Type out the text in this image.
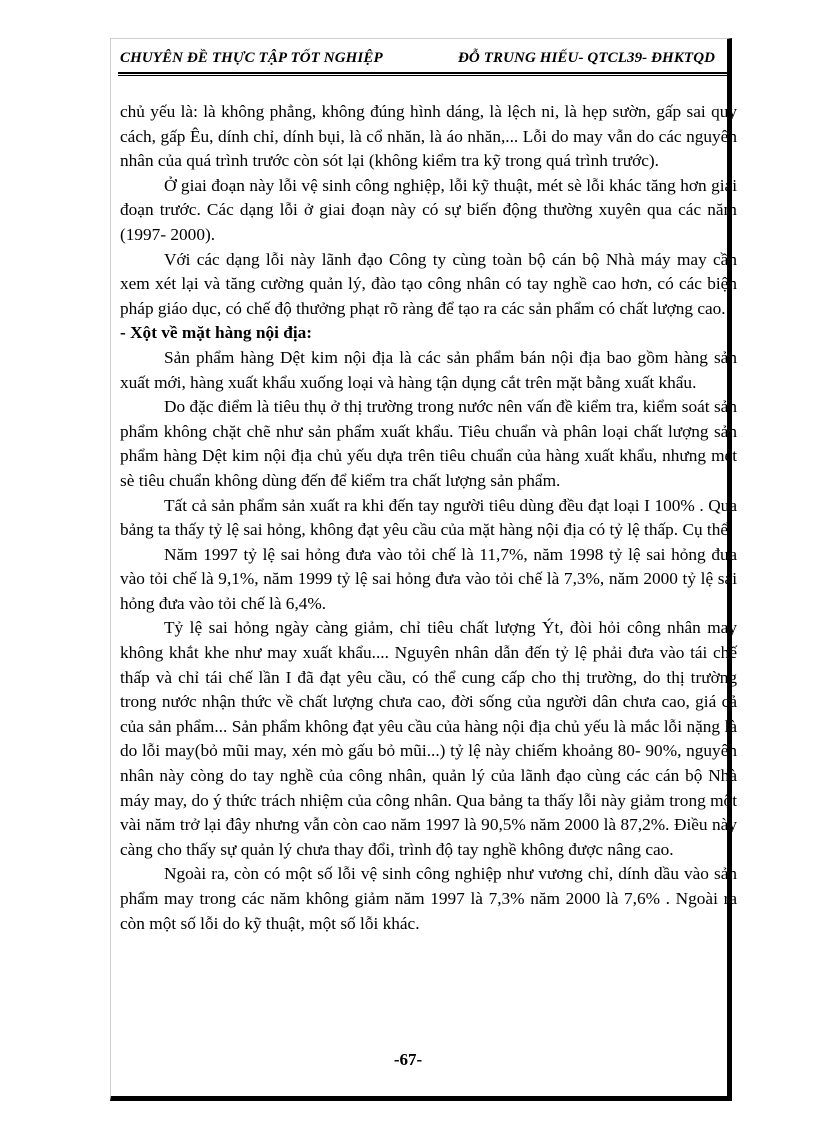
CHUYÊN ĐỀ THỰC TẬP TỐT NGHIỆP	ĐỖ TRUNG HIẾU- QTCL39- ĐHKTQD

chủ yếu là: là không phẳng, không đúng hình dáng, là lệch ni, là hẹp sườn, gấp sai quy cách, gấp Êu, dính chỉ, dính bụi, là cổ nhăn, là áo nhăn,... Lỗi do may vẫn do các nguyên nhân của quá trình trước còn sót lại (không kiểm tra kỹ trong quá trình trước).

Ở giai đoạn này lỗi vệ sinh công nghiệp, lỗi kỹ thuật, mét sè lỗi khác tăng hơn giai đoạn trước. Các dạng lỗi ở giai đoạn này có sự biến động thường xuyên qua các năm (1997- 2000).

Với các dạng lỗi này lãnh đạo Công ty cùng toàn bộ cán bộ Nhà máy may cần xem xét lại và tăng cường quản lý, đào tạo công nhân có tay nghề cao hơn, có các biện pháp giáo dục, có chế độ thưởng phạt rõ ràng để tạo ra các sản phẩm có chất lượng cao.

- Xột về mặt hàng nội địa:

Sản phẩm hàng Dệt kim nội địa là các sản phẩm bán nội địa bao gồm hàng sản xuất mới, hàng xuất khẩu xuống loại và hàng tận dụng cắt trên mặt bằng xuất khẩu.

Do đặc điểm là tiêu thụ ở thị trường trong nước nên vấn đề kiểm tra, kiểm soát sản phẩm không chặt chẽ như sản phẩm xuất khẩu. Tiêu chuẩn và phân loại chất lượng sản phẩm hàng Dệt kim nội địa chủ yếu dựa trên tiêu chuẩn của hàng xuất khẩu, nhưng mét sè tiêu chuẩn không dùng đến để kiểm tra chất lượng sản phẩm.

Tất cả sản phẩm sản xuất ra khi đến tay người tiêu dùng đều đạt loại I 100% . Qua bảng ta thấy tỷ lệ sai hỏng, không đạt yêu cầu của mặt hàng nội địa có tỷ lệ thấp. Cụ thể:

Năm 1997 tỷ lệ sai hỏng đưa vào tỏi chế là 11,7%, năm 1998 tỷ lệ sai hỏng đưa vào tỏi chế là 9,1%, năm 1999 tỷ lệ sai hỏng đưa vào tỏi chế là 7,3%, năm 2000 tỷ lệ sai hỏng đưa vào tỏi chế là 6,4%.

Tỷ lệ sai hỏng ngày càng giảm, chỉ tiêu chất lượng Ýt, đòi hỏi công nhân may không khắt khe như may xuất khẩu.... Nguyên nhân dẫn đến tỷ lệ phải đưa vào tái chế thấp và chỉ tái chế lần I đã đạt yêu cầu, có thể cung cấp cho thị trường, do thị trường trong nước nhận thức về chất lượng chưa cao, đời sống của người dân chưa cao, giá cả của sản phẩm... Sản phẩm không đạt yêu cầu của hàng nội địa chủ yếu là mắc lỗi nặng là do lỗi may(bỏ mũi may, xén mò gấu bỏ mũi...) tỷ lệ này chiếm khoảng 80- 90%, nguyên nhân này còng do tay nghề của công nhân, quản lý của lãnh đạo cùng các cán bộ Nhà máy may, do ý thức trách nhiệm của công nhân. Qua bảng ta thấy lỗi này giảm trong một vài năm trở lại đây nhưng vẫn còn cao năm 1997 là 90,5% năm 2000 là 87,2%. Điều này càng cho thấy sự quản lý chưa thay đổi, trình độ tay nghề không được nâng cao.

Ngoài ra, còn có một số lỗi vệ sinh công nghiệp như vương chỉ, dính dầu vào sản phẩm may trong các năm không giảm năm 1997 là 7,3% năm 2000 là 7,6% . Ngoài ra còn một số lỗi do kỹ thuật, một số lỗi khác.

-67-
